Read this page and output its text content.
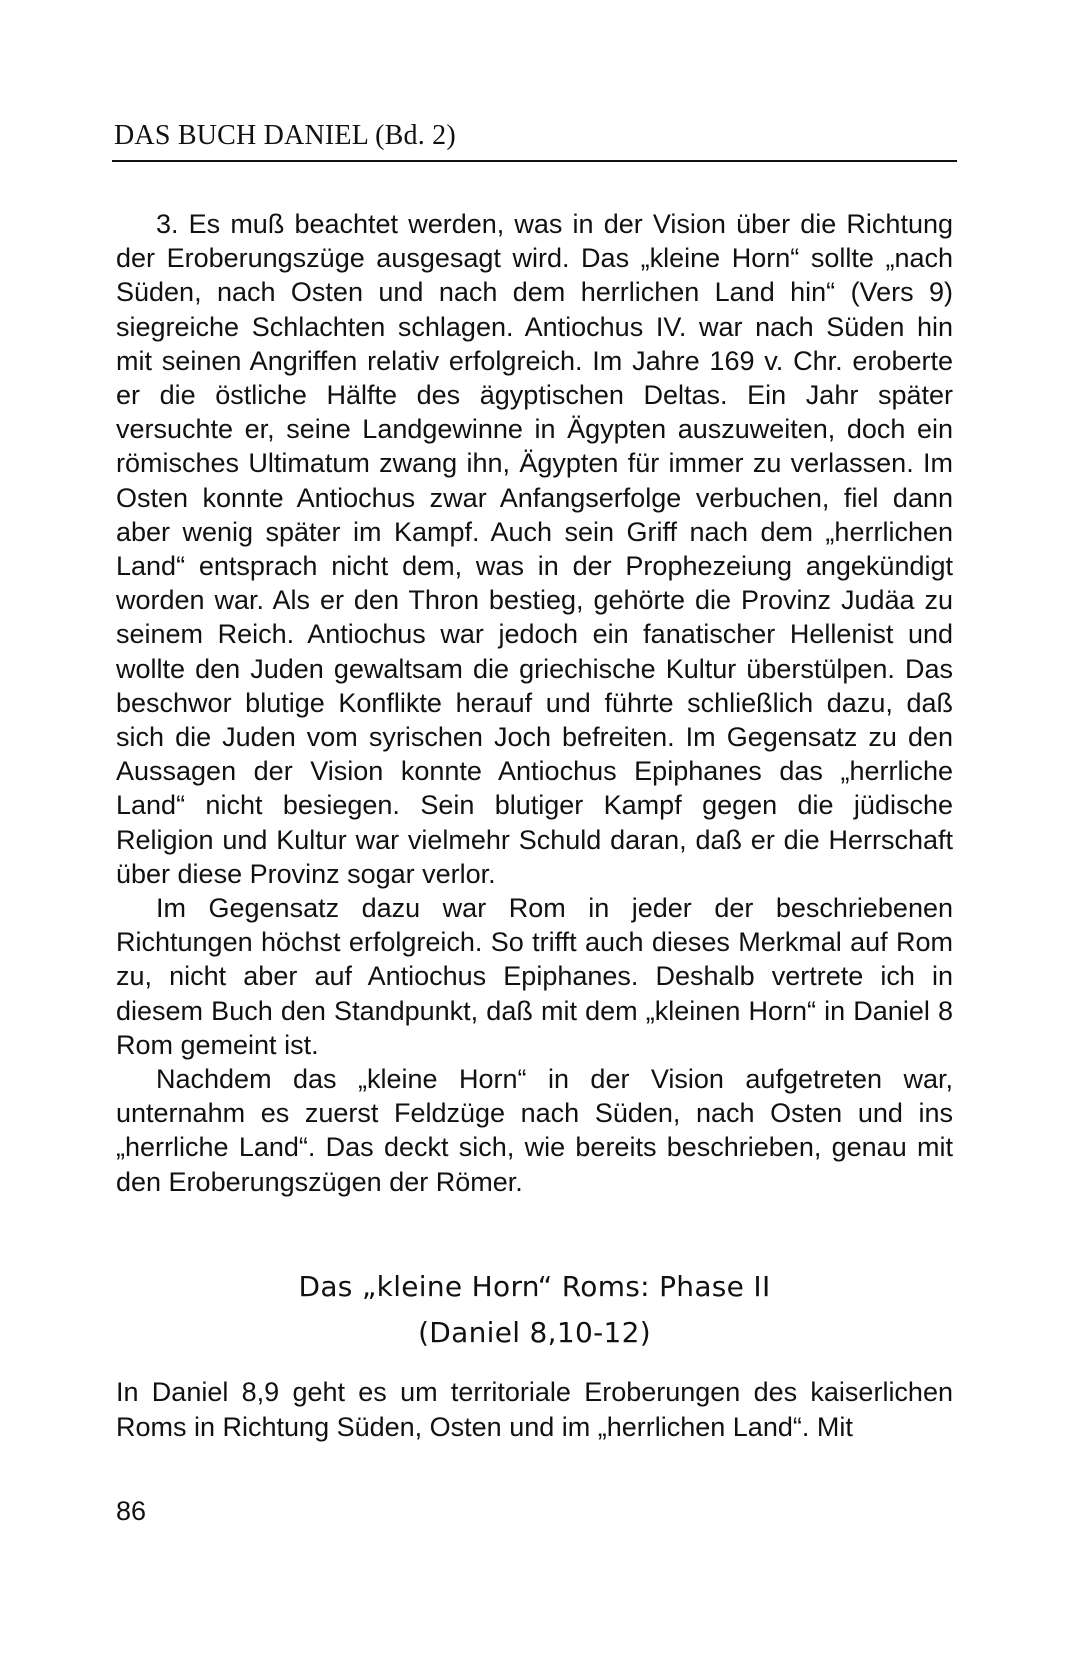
DAS BUCH DANIEL (Bd. 2)

3. Es muß beachtet werden, was in der Vision über die Richtung der Eroberungszüge ausgesagt wird. Das „kleine Horn“ sollte „nach Süden, nach Osten und nach dem herrlichen Land hin“ (Vers 9) siegreiche Schlachten schlagen. Antiochus IV. war nach Süden hin mit seinen Angriffen relativ erfolgreich. Im Jahre 169 v. Chr. eroberte er die östliche Hälfte des ägyptischen Deltas. Ein Jahr später versuchte er, seine Landgewinne in Ägypten auszuweiten, doch ein römisches Ultimatum zwang ihn, Ägypten für immer zu verlassen. Im Osten konnte Antiochus zwar Anfangserfolge verbuchen, fiel dann aber wenig später im Kampf. Auch sein Griff nach dem „herrlichen Land“ entsprach nicht dem, was in der Prophezeiung angekündigt worden war. Als er den Thron bestieg, gehörte die Provinz Judäa zu seinem Reich. Antiochus war jedoch ein fanatischer Hellenist und wollte den Juden gewaltsam die griechische Kultur überstülpen. Das beschwor blutige Konflikte herauf und führte schließlich dazu, daß sich die Juden vom syrischen Joch befreiten. Im Gegensatz zu den Aussagen der Vision konnte Antiochus Epiphanes das „herrliche Land“ nicht besiegen. Sein blutiger Kampf gegen die jüdische Religion und Kultur war vielmehr Schuld daran, daß er die Herrschaft über diese Provinz sogar verlor.

Im Gegensatz dazu war Rom in jeder der beschriebenen Richtungen höchst erfolgreich. So trifft auch dieses Merkmal auf Rom zu, nicht aber auf Antiochus Epiphanes. Deshalb vertrete ich in diesem Buch den Standpunkt, daß mit dem „kleinen Horn“ in Daniel 8 Rom gemeint ist.

Nachdem das „kleine Horn“ in der Vision aufgetreten war, unternahm es zuerst Feldzüge nach Süden, nach Osten und ins „herrliche Land“. Das deckt sich, wie bereits beschrieben, genau mit den Eroberungszügen der Römer.

Das „kleine Horn“ Roms: Phase II
(Daniel 8,10-12)

In Daniel 8,9 geht es um territoriale Eroberungen des kaiserlichen Roms in Richtung Süden, Osten und im „herrlichen Land“. Mit

86
